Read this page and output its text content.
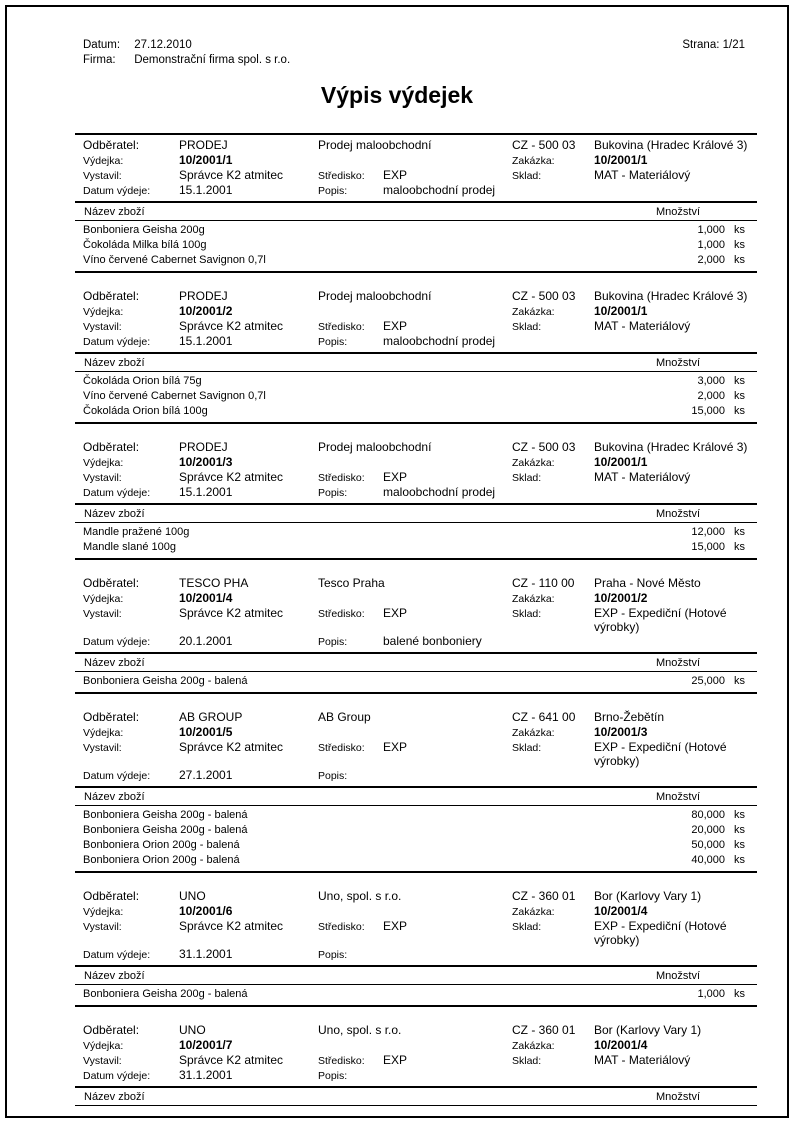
Datum: 27.12.2010
Firma: Demonstrační firma spol. s r.o.
Strana: 1/21
Výpis výdejek
Odběratel:	PRODEJ	Prodej maloobchodní	CZ - 500 03	Bukovina (Hradec Králové 3)
Výdejka:	10/2001/1	Zakázka:	10/2001/1
Vystavil:	Správce K2 atmitec	Středisko:	EXP	Sklad:	MAT - Materiálový
Datum výdeje:	15.1.2001	Popis:	maloobchodní prodej
Název zboží	Množství
Bonboniera Geisha 200g	1,000 ks
Čokoláda Milka bílá 100g	1,000 ks
Víno červené Cabernet Savignon 0,7l	2,000 ks
Odběratel:	PRODEJ	Prodej maloobchodní	CZ - 500 03	Bukovina (Hradec Králové 3)
Výdejka:	10/2001/2	Zakázka:	10/2001/1
Vystavil:	Správce K2 atmitec	Středisko:	EXP	Sklad:	MAT - Materiálový
Datum výdeje:	15.1.2001	Popis:	maloobchodní prodej
Název zboží	Množství
Čokoláda Orion bílá 75g	3,000 ks
Víno červené Cabernet Savignon 0,7l	2,000 ks
Čokoláda Orion bílá 100g	15,000 ks
Odběratel:	PRODEJ	Prodej maloobchodní	CZ - 500 03	Bukovina (Hradec Králové 3)
Výdejka:	10/2001/3	Zakázka:	10/2001/1
Vystavil:	Správce K2 atmitec	Středisko:	EXP	Sklad:	MAT - Materiálový
Datum výdeje:	15.1.2001	Popis:	maloobchodní prodej
Název zboží	Množství
Mandle pražené 100g	12,000 ks
Mandle slané 100g	15,000 ks
Odběratel:	TESCO PHA	Tesco Praha	CZ - 110 00	Praha - Nové Město
Výdejka:	10/2001/4	Zakázka:	10/2001/2
Vystavil:	Správce K2 atmitec	Středisko:	EXP	Sklad:	EXP - Expediční (Hotové výrobky)
Datum výdeje:	20.1.2001	Popis:	balené bonboniery
Název zboží	Množství
Bonboniera Geisha 200g - balená	25,000 ks
Odběratel:	AB GROUP	AB Group	CZ - 641 00	Brno-Žebětín
Výdejka:	10/2001/5	Zakázka:	10/2001/3
Vystavil:	Správce K2 atmitec	Středisko:	EXP	Sklad:	EXP - Expediční (Hotové výrobky)
Datum výdeje:	27.1.2001	Popis:
Název zboží	Množství
Bonboniera Geisha 200g - balená	80,000 ks
Bonboniera Geisha 200g - balená	20,000 ks
Bonboniera Orion 200g - balená	50,000 ks
Bonboniera Orion 200g - balená	40,000 ks
Odběratel:	UNO	Uno, spol. s r.o.	CZ - 360 01	Bor (Karlovy Vary 1)
Výdejka:	10/2001/6	Zakázka:	10/2001/4
Vystavil:	Správce K2 atmitec	Středisko:	EXP	Sklad:	EXP - Expediční (Hotové výrobky)
Datum výdeje:	31.1.2001	Popis:
Název zboží	Množství
Bonboniera Geisha 200g - balená	1,000 ks
Odběratel:	UNO	Uno, spol. s r.o.	CZ - 360 01	Bor (Karlovy Vary 1)
Výdejka:	10/2001/7	Zakázka:	10/2001/4
Vystavil:	Správce K2 atmitec	Středisko:	EXP	Sklad:	MAT - Materiálový
Datum výdeje:	31.1.2001	Popis:
Název zboží	Množství
